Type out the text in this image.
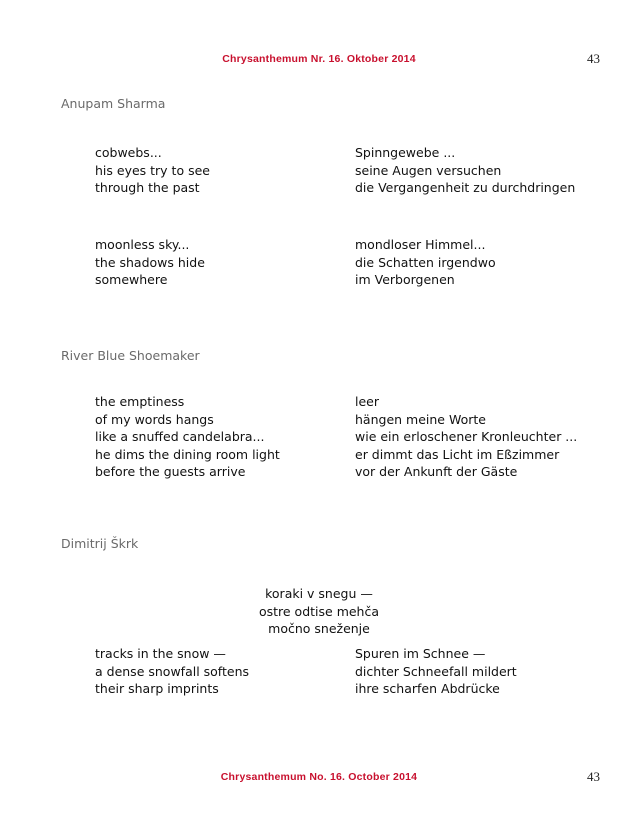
Chrysanthemum Nr. 16. Oktober 2014	43
Anupam Sharma
cobwebs...
his eyes try to see
through the past
Spinngewebe ...
seine Augen versuchen
die Vergangenheit zu durchdringen
moonless sky...
the shadows hide
somewhere
mondloser Himmel...
die Schatten irgendwo
im Verborgenen
River Blue Shoemaker
the emptiness
of my words hangs
like a snuffed candelabra...
he dims the dining room light
before the guests arrive
leer
hängen meine Worte
wie ein erloschener Kronleuchter ...
er dimmt das Licht im Eßzimmer
vor der Ankunft der Gäste
Dimitrij Škrk
koraki v snegu —
ostre odtise mehča
močno sneženje
tracks in the snow —
a dense snowfall softens
their sharp imprints
Spuren im Schnee —
dichter Schneefall mildert
ihre scharfen Abdrücke
Chrysanthemum No. 16. October 2014	43
